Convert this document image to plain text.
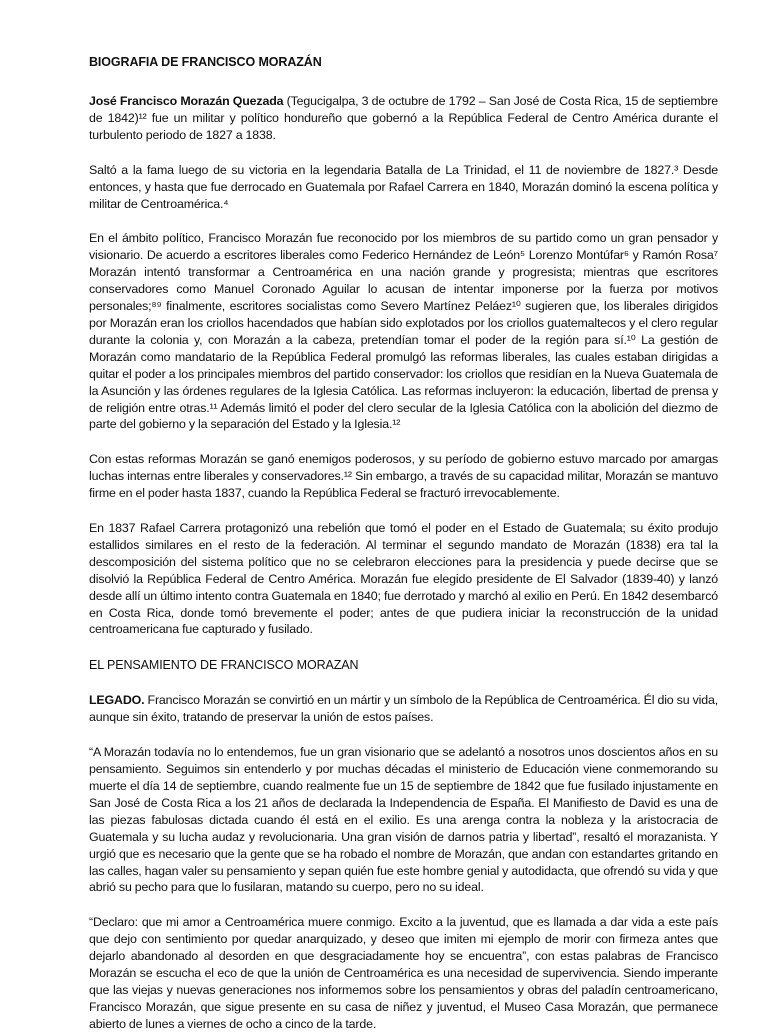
BIOGRAFIA DE FRANCISCO MORAZÁN

José Francisco Morazán Quezada (Tegucigalpa, 3 de octubre de 1792 – San José de Costa Rica, 15 de septiembre de 1842)¹² fue un militar y político hondureño que gobernó a la República Federal de Centro América durante el turbulento periodo de 1827 a 1838.

Saltó a la fama luego de su victoria en la legendaria Batalla de La Trinidad, el 11 de noviembre de 1827.³ Desde entonces, y hasta que fue derrocado en Guatemala por Rafael Carrera en 1840, Morazán dominó la escena política y militar de Centroamérica.⁴

En el ámbito político, Francisco Morazán fue reconocido por los miembros de su partido como un gran pensador y visionario. De acuerdo a escritores liberales como Federico Hernández de León⁵ Lorenzo Montúfar⁶ y Ramón Rosa⁷ Morazán intentó transformar a Centroamérica en una nación grande y progresista; mientras que escritores conservadores como Manuel Coronado Aguilar lo acusan de intentar imponerse por la fuerza por motivos personales;⁸⁹ finalmente, escritores socialistas como Severo Martínez Peláez¹⁰ sugieren que, los liberales dirigidos por Morazán eran los criollos hacendados que habían sido explotados por los criollos guatemaltecos y el clero regular durante la colonia y, con Morazán a la cabeza, pretendían tomar el poder de la región para sí.¹⁰ La gestión de Morazán como mandatario de la República Federal promulgó las reformas liberales, las cuales estaban dirigidas a quitar el poder a los principales miembros del partido conservador: los criollos que residían en la Nueva Guatemala de la Asunción y las órdenes regulares de la Iglesia Católica. Las reformas incluyeron: la educación, libertad de prensa y de religión entre otras.¹¹ Además limitó el poder del clero secular de la Iglesia Católica con la abolición del diezmo de parte del gobierno y la separación del Estado y la Iglesia.¹²

Con estas reformas Morazán se ganó enemigos poderosos, y su período de gobierno estuvo marcado por amargas luchas internas entre liberales y conservadores.¹² Sin embargo, a través de su capacidad militar, Morazán se mantuvo firme en el poder hasta 1837, cuando la República Federal se fracturó irrevocablemente.

En 1837 Rafael Carrera protagonizó una rebelión que tomó el poder en el Estado de Guatemala; su éxito produjo estallidos similares en el resto de la federación. Al terminar el segundo mandato de Morazán (1838) era tal la descomposición del sistema político que no se celebraron elecciones para la presidencia y puede decirse que se disolvió la República Federal de Centro América. Morazán fue elegido presidente de El Salvador (1839-40) y lanzó desde allí un último intento contra Guatemala en 1840; fue derrotado y marchó al exilio en Perú. En 1842 desembarcó en Costa Rica, donde tomó brevemente el poder; antes de que pudiera iniciar la reconstrucción de la unidad centroamericana fue capturado y fusilado.

EL PENSAMIENTO DE FRANCISCO MORAZAN

LEGADO. Francisco Morazán se convirtió en un mártir y un símbolo de la República de Centroamérica. Él dio su vida, aunque sin éxito, tratando de preservar la unión de estos países.

“A Morazán todavía no lo entendemos, fue un gran visionario que se adelantó a nosotros unos doscientos años en su pensamiento. Seguimos sin entenderlo y por muchas décadas el ministerio de Educación viene conmemorando su muerte el día 14 de septiembre, cuando realmente fue un 15 de septiembre de 1842 que fue fusilado injustamente en San José de Costa Rica a los 21 años de declarada la Independencia de España. El Manifiesto de David es una de las piezas fabulosas dictada cuando él está en el exilio. Es una arenga contra la nobleza y la aristocracia de Guatemala y su lucha audaz y revolucionaria. Una gran visión de darnos patria y libertad”, resaltó el morazanista. Y urgió que es necesario que la gente que se ha robado el nombre de Morazán, que andan con estandartes gritando en las calles, hagan valer su pensamiento y sepan quién fue este hombre genial y autodidacta, que ofrendó su vida y que abrió su pecho para que lo fusilaran, matando su cuerpo, pero no su ideal.

“Declaro: que mi amor a Centroamérica muere conmigo. Excito a la juventud, que es llamada a dar vida a este país que dejo con sentimiento por quedar anarquizado, y deseo que imiten mi ejemplo de morir con firmeza antes que dejarlo abandonado al desorden en que desgraciadamente hoy se encuentra”, con estas palabras de Francisco Morazán se escucha el eco de que la unión de Centroamérica es una necesidad de supervivencia. Siendo imperante que las viejas y nuevas generaciones nos informemos sobre los pensamientos y obras del paladín centroamericano, Francisco Morazán, que sigue presente en su casa de niñez y juventud, el Museo Casa Morazán, que permanece abierto de lunes a viernes de ocho a cinco de la tarde.
